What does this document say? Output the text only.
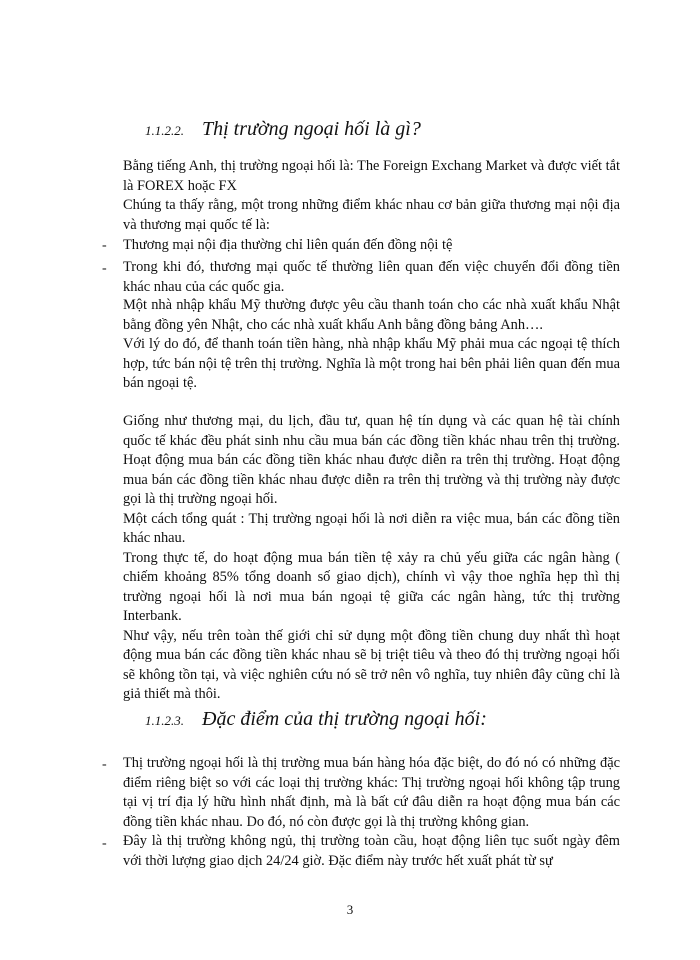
1.1.2.2. Thị trường ngoại hối là gì?

Bằng tiếng Anh, thị trường ngoại hối là: The Foreign Exchang Market và được viết tắt là FOREX hoặc FX

Chúng ta thấy rằng, một trong những điểm khác nhau cơ bản giữa thương mại nội địa và thương mại quốc tế là:

- Thương mại nội địa thường chỉ liên quán đến đồng nội tệ

- Trong khi đó, thương mại quốc tế thường liên quan đến việc chuyển đổi đồng tiền khác nhau của các quốc gia.

Một nhà nhập khẩu Mỹ thường được yêu cầu thanh toán cho các nhà xuất khẩu Nhật bằng đồng yên Nhật, cho các nhà xuất khẩu Anh bằng đồng bảng Anh….

Với lý do đó, để thanh toán tiền hàng, nhà nhập khẩu Mỹ phải mua các ngoại tệ thích hợp, tức bán nội tệ trên thị trường. Nghĩa là một trong hai bên phải liên quan đến mua bán ngoại tệ.

Giống như thương mại, du lịch, đầu tư, quan hệ tín dụng và các quan hệ tài chính quốc tế khác đều phát sinh nhu cầu mua bán các đồng tiền khác nhau trên thị trường. Hoạt động mua bán các đồng tiền khác nhau được diễn ra trên thị trường. Hoạt động mua bán các đồng tiền khác nhau được diễn ra trên thị trường và thị trường này được gọi là thị trường ngoại hối.

Một cách tổng quát : Thị trường ngoại hối là nơi diễn ra việc mua, bán các đồng tiền khác nhau.

Trong thực tế, do hoạt động mua bán tiền tệ xảy ra chủ yếu giữa các ngân hàng ( chiếm khoảng 85% tổng doanh số giao dịch), chính vì vậy thoe nghĩa hẹp thì thị trường ngoại hối là nơi mua bán ngoại tệ giữa các ngân hàng, tức thị trường Interbank.

Như vậy, nếu trên toàn thế giới chỉ sử dụng một đồng tiền chung duy nhất thì hoạt động mua bán các đồng tiền khác nhau sẽ bị triệt tiêu và theo đó thị trường ngoại hối sẽ không tồn tại, và việc nghiên cứu nó sẽ trở nên vô nghĩa, tuy nhiên đây cũng chỉ là giả thiết mà thôi.

1.1.2.3. Đặc điểm của thị trường ngoại hối:
- Thị trường ngoại hối là thị trường mua bán hàng hóa đặc biệt, do đó nó có những đặc điểm riêng biệt so với các loại thị trường khác: Thị trường ngoại hối không tập trung tại vị trí địa lý hữu hình nhất định, mà là bất cứ đâu diễn ra hoạt động mua bán các đồng tiền khác nhau. Do đó, nó còn được gọi là thị trường không gian.

- Đây là thị trường không ngủ, thị trường toàn cầu, hoạt động liên tục suốt ngày đêm với thời lượng giao dịch 24/24 giờ. Đặc điểm này trước hết xuất phát từ sự

3
